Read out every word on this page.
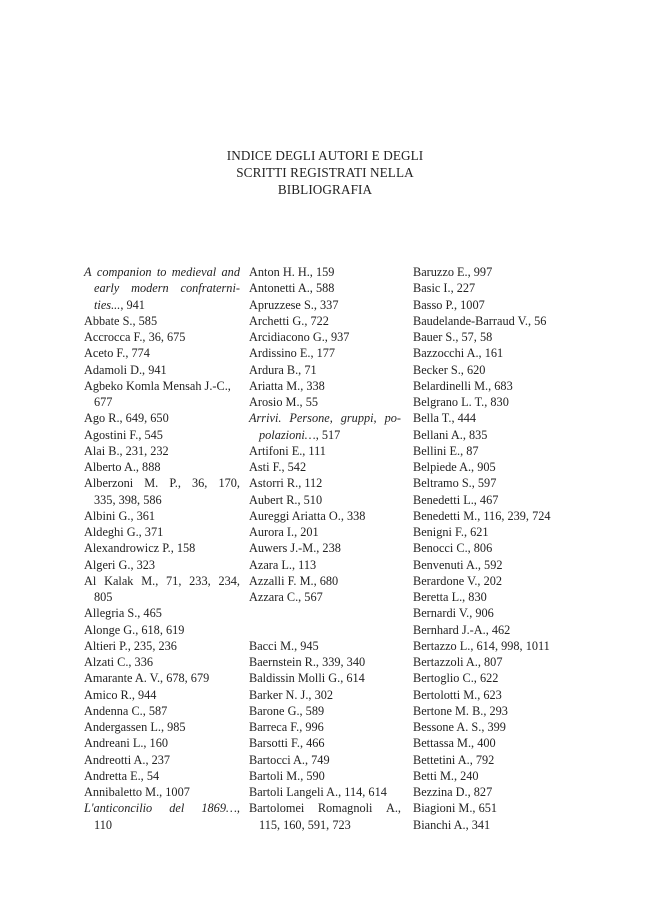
INDICE DEGLI AUTORI E DEGLI
SCRITTI REGISTRATI NELLA
BIBLIOGRAFIA
A companion to medieval and
early modern confraterni-
ties..., 941
Abbate S., 585
Accrocca F., 36, 675
Aceto F., 774
Adamoli D., 941
Agbeko Komla Mensah J.-C.,
677
Ago R., 649, 650
Agostini F., 545
Alai B., 231, 232
Alberto A., 888
Alberzoni M. P., 36, 170,
335, 398, 586
Albini G., 361
Aldeghi G., 371
Alexandrowicz P., 158
Algeri G., 323
Al Kalak M., 71, 233, 234,
805
Allegria S., 465
Alonge G., 618, 619
Altieri P., 235, 236
Alzati C., 336
Amarante A. V., 678, 679
Amico R., 944
Andenna C., 587
Andergassen L., 985
Andreani L., 160
Andreotti A., 237
Andretta E., 54
Annibaletto M., 1007
L'anticoncilio del 1869…,
110
Anton H. H., 159
Antonetti A., 588
Apruzzese S., 337
Archetti G., 722
Arcidiacono G., 937
Ardissino E., 177
Ardura B., 71
Ariatta M., 338
Arosio M., 55
Arrivi. Persone, gruppi, po-
polazioni…, 517
Artifoni E., 111
Asti F., 542
Astorri R., 112
Aubert R., 510
Aureggi Ariatta O., 338
Aurora I., 201
Auwers J.-M., 238
Azara L., 113
Azzalli F. M., 680
Azzara C., 567
Bacci M., 945
Baernstein R., 339, 340
Baldissin Molli G., 614
Barker N. J., 302
Barone G., 589
Barreca F., 996
Barsotti F., 466
Bartocci A., 749
Bartoli M., 590
Bartoli Langeli A., 114, 614
Bartolomei Romagnoli A.,
115, 160, 591, 723
Baruzzo E., 997
Basic I., 227
Basso P., 1007
Baudelande-Barraud V., 56
Bauer S., 57, 58
Bazzocchi A., 161
Becker S., 620
Belardinelli M., 683
Belgrano L. T., 830
Bella T., 444
Bellani A., 835
Bellini E., 87
Belpiede A., 905
Beltramo S., 597
Benedetti L., 467
Benedetti M., 116, 239, 724
Benigni F., 621
Benocci C., 806
Benvenuti A., 592
Berardone V., 202
Beretta L., 830
Bernardi V., 906
Bernhard J.-A., 462
Bertazzo L., 614, 998, 1011
Bertazzoli A., 807
Bertoglio C., 622
Bertolotti M., 623
Bertone M. B., 293
Bessone A. S., 399
Bettassa M., 400
Bettetini A., 792
Betti M., 240
Bezzina D., 827
Biagioni M., 651
Bianchi A., 341
